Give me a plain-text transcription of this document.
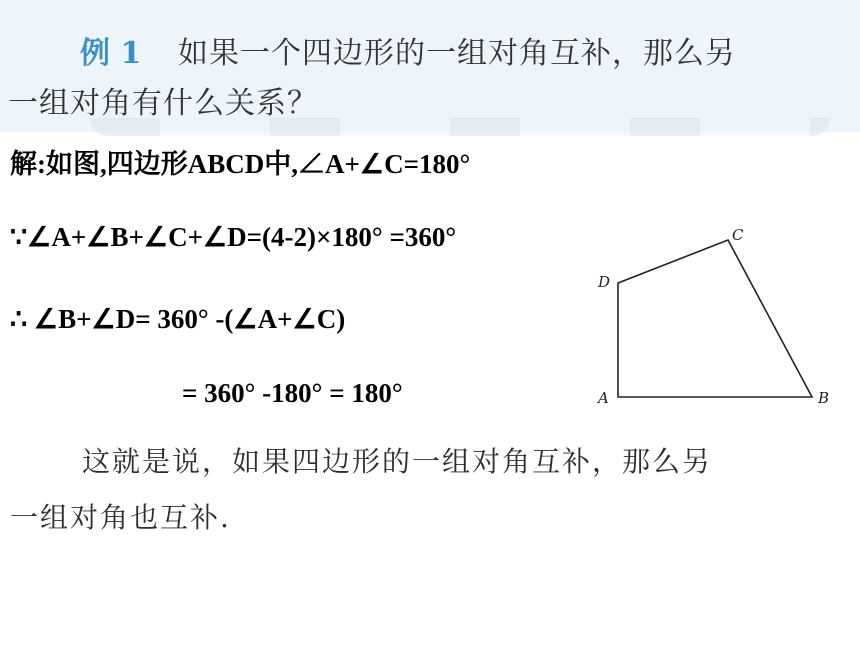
例 1 如果一个四边形的一组对角互补，那么另
一组对角有什么关系？
解:如图,四边形ABCD中,∠A+∠C=180°
∵∠A+∠B+∠C+∠D=(4-2)×180° =360°
∴ ∠B+∠D= 360° -(∠A+∠C)
= 360° -180° = 180°
D
C
A	B
这就是说，如果四边形的一组对角互补，那么另
一组对角也互补.
